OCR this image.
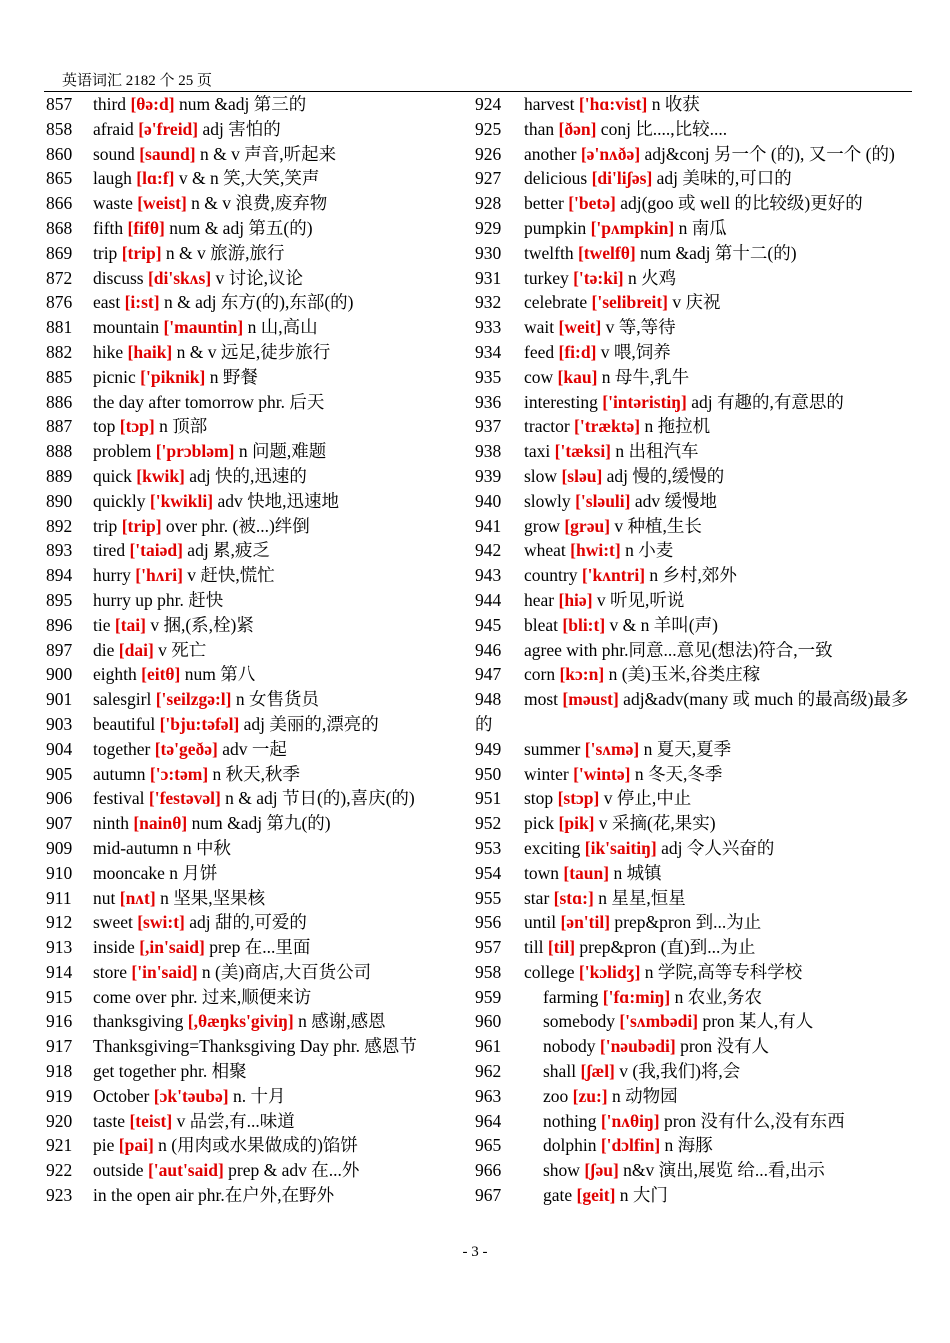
英语词汇 2182 个 25 页
857 third [θə:d] num &adj 第三的
858 afraid [ə'freid] adj 害怕的
860 sound [saund] n & v 声音,听起来
865 laugh [lɑ:f] v & n 笑,大笑,笑声
866 waste [weist] n & v 浪费,废弃物
868 fifth [fifθ] num & adj 第五(的)
869 trip [trip] n & v 旅游,旅行
872 discuss [di'skʌs] v 讨论,议论
876 east [i:st] n & adj 东方(的),东部(的)
881 mountain ['mauntin] n 山,高山
882 hike [haik] n & v 远足,徒步旅行
885 picnic ['piknik] n 野餐
886 the day after tomorrow phr. 后天
887 top [tɔp] n 顶部
888 problem ['prɔbləm] n 问题,难题
889 quick [kwik] adj 快的,迅速的
890 quickly ['kwikli] adv 快地,迅速地
892 trip [trip] over phr. (被...)绊倒
893 tired ['taiəd] adj 累,疲乏
894 hurry ['hʌri] v 赶快,慌忙
895 hurry up phr. 赶快
896 tie [tai] v 捆,(系,栓)紧
897 die [dai] v 死亡
900 eighth [eitθ] num 第八
901 salesgirl ['seilzgə:l] n 女售货员
903 beautiful ['bju:təfəl] adj 美丽的,漂亮的
904 together [tə'geðə] adv 一起
905 autumn ['ɔ:təm] n 秋天,秋季
906 festival ['festəvəl] n & adj 节日(的),喜庆(的)
907 ninth [nainθ] num &adj 第九(的)
909 mid-autumn n 中秋
910 mooncake n 月饼
911 nut [nʌt] n 坚果,坚果核
912 sweet [swi:t] adj 甜的,可爱的
913 inside [,in'said] prep 在...里面
914 store ['in'said] n (美)商店,大百货公司
915 come over phr. 过来,顺便来访
916 thanksgiving [,θæŋks'giviŋ] n 感谢,感恩
917 Thanksgiving=Thanksgiving Day phr. 感恩节
918 get together phr. 相聚
919 October [ɔk'təubə] n. 十月
920 taste [teist] v 品尝,有...味道
921 pie [pai] n (用肉或水果做成的)馅饼
922 outside ['aut'said] prep & adv 在...外
923 in the open air phr.在户外,在野外
924 harvest ['hɑ:vist] n 收获
925 than [ðən] conj 比....,比较....
926 another [ə'nʌðə] adj&conj 另一个 (的), 又一个 (的)
927 delicious [di'liʃəs] adj 美味的,可口的
928 better ['betə] adj(goo 或 well 的比较级)更好的
929 pumpkin ['pʌmpkin] n 南瓜
930 twelfth [twelfθ] num &adj 第十二(的)
931 turkey ['tə:ki] n 火鸡
932 celebrate ['selibreit] v 庆祝
933 wait [weit] v 等,等待
934 feed [fi:d] v 喂,饲养
935 cow [kau] n 母牛,乳牛
936 interesting ['intəristiŋ] adj 有趣的,有意思的
937 tractor ['træktə] n 拖拉机
938 taxi ['tæksi] n 出租汽车
939 slow [sləu] adj 慢的,缓慢的
940 slowly ['sləuli] adv 缓慢地
941 grow [grəu] v 种植,生长
942 wheat [hwi:t] n 小麦
943 country ['kʌntri] n 乡村,郊外
944 hear [hiə] v 听见,听说
945 bleat [bli:t] v & n 羊叫(声)
946 agree with phr.同意...意见(想法)符合,一致
947 corn [kɔ:n] n (美)玉米,谷类庄稼
948 most [məust] adj&adv(many 或 much 的最高级)最多的
949 summer ['sʌmə] n 夏天,夏季
950 winter ['wintə] n 冬天,冬季
951 stop [stɔp] v 停止,中止
952 pick [pik] v 采摘(花,果实)
953 exciting [ik'saitiŋ] adj 令人兴奋的
954 town [taun] n 城镇
955 star [stɑ:] n 星星,恒星
956 until [ən'til] prep&pron 到...为止
957 till [til] prep&pron (直)到...为止
958 college ['kɔlidʒ] n 学院,高等专科学校
959 farming ['fɑ:miŋ] n 农业,务农
960 somebody ['sʌmbədi] pron 某人,有人
961 nobody ['nəubədi] pron 没有人
962 shall [ʃæl] v (我,我们)将,会
963 zoo [zu:] n 动物园
964 nothing ['nʌθiŋ] pron 没有什么,没有东西
965 dolphin ['dɔlfin] n 海豚
966 show [ʃəu] n&v 演出,展览 给...看,出示
967 gate [geit] n 大门
- 3 -
